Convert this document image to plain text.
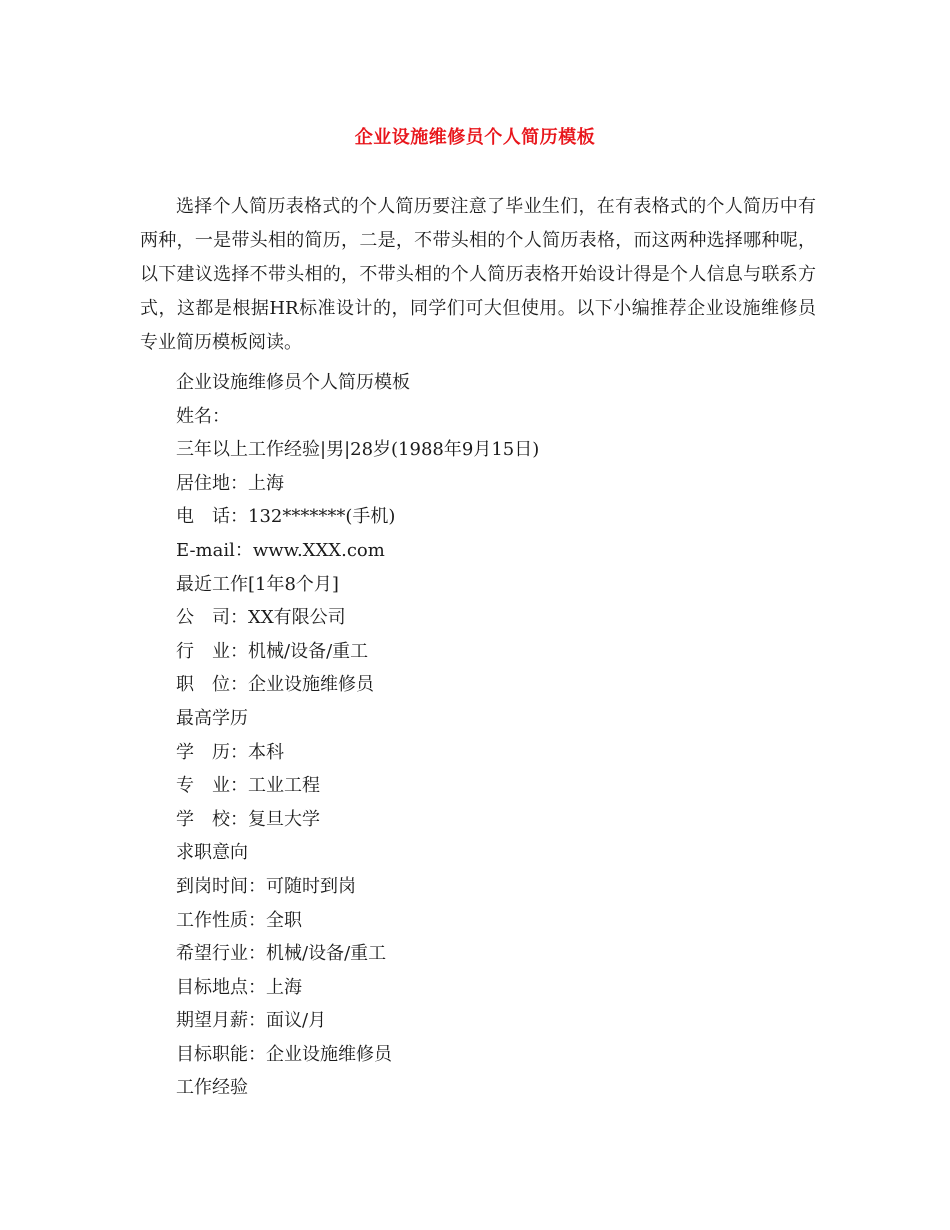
企业设施维修员个人简历模板

选择个人简历表格式的个人简历要注意了毕业生们，在有表格式的个人简历中有两种，一是带头相的简历，二是，不带头相的个人简历表格，而这两种选择哪种呢，以下建议选择不带头相的，不带头相的个人简历表格开始设计得是个人信息与联系方式，这都是根据HR标准设计的，同学们可大但使用。以下小编推荐企业设施维修员专业简历模板阅读。

企业设施维修员个人简历模板
姓名：
三年以上工作经验|男|28岁(1988年9月15日)
居住地：上海
电　话：132*******(手机)
E-mail：www.XXX.com
最近工作[1年8个月]
公　司：XX有限公司
行　业：机械/设备/重工
职　位：企业设施维修员
最高学历
学　历：本科
专　业：工业工程
学　校：复旦大学
求职意向
到岗时间：可随时到岗
工作性质：全职
希望行业：机械/设备/重工
目标地点：上海
期望月薪：面议/月
目标职能：企业设施维修员
工作经验
